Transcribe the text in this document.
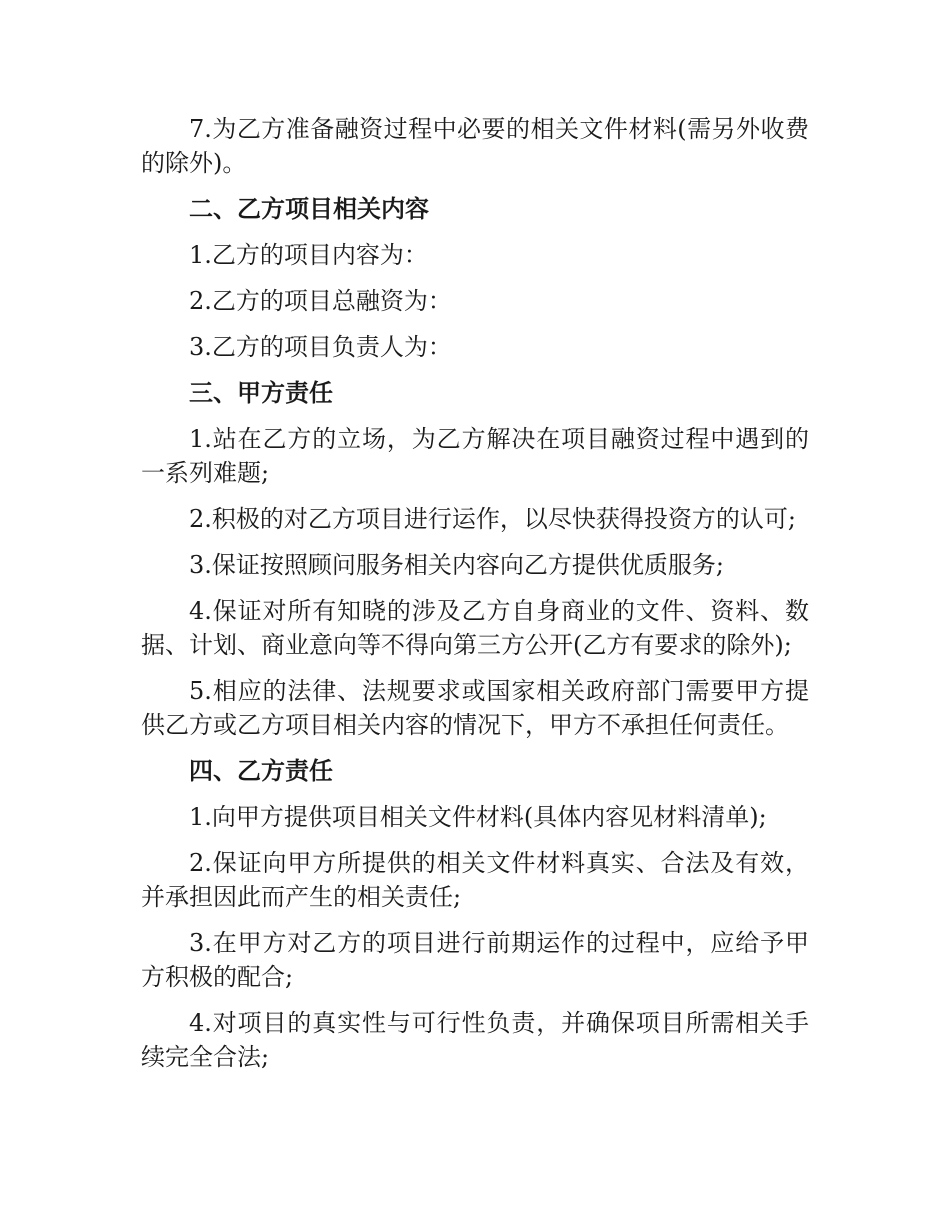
7.为乙方准备融资过程中必要的相关文件材料(需另外收费的除外)。

二、乙方项目相关内容

1.乙方的项目内容为：

2.乙方的项目总融资为：

3.乙方的项目负责人为：

三、甲方责任

1.站在乙方的立场，为乙方解决在项目融资过程中遇到的一系列难题;

2.积极的对乙方项目进行运作，以尽快获得投资方的认可;

3.保证按照顾问服务相关内容向乙方提供优质服务;

4.保证对所有知晓的涉及乙方自身商业的文件、资料、数据、计划、商业意向等不得向第三方公开(乙方有要求的除外);

5.相应的法律、法规要求或国家相关政府部门需要甲方提供乙方或乙方项目相关内容的情况下，甲方不承担任何责任。

四、乙方责任

1.向甲方提供项目相关文件材料(具体内容见材料清单);

2.保证向甲方所提供的相关文件材料真实、合法及有效，并承担因此而产生的相关责任;

3.在甲方对乙方的项目进行前期运作的过程中，应给予甲方积极的配合;

4.对项目的真实性与可行性负责，并确保项目所需相关手续完全合法;
